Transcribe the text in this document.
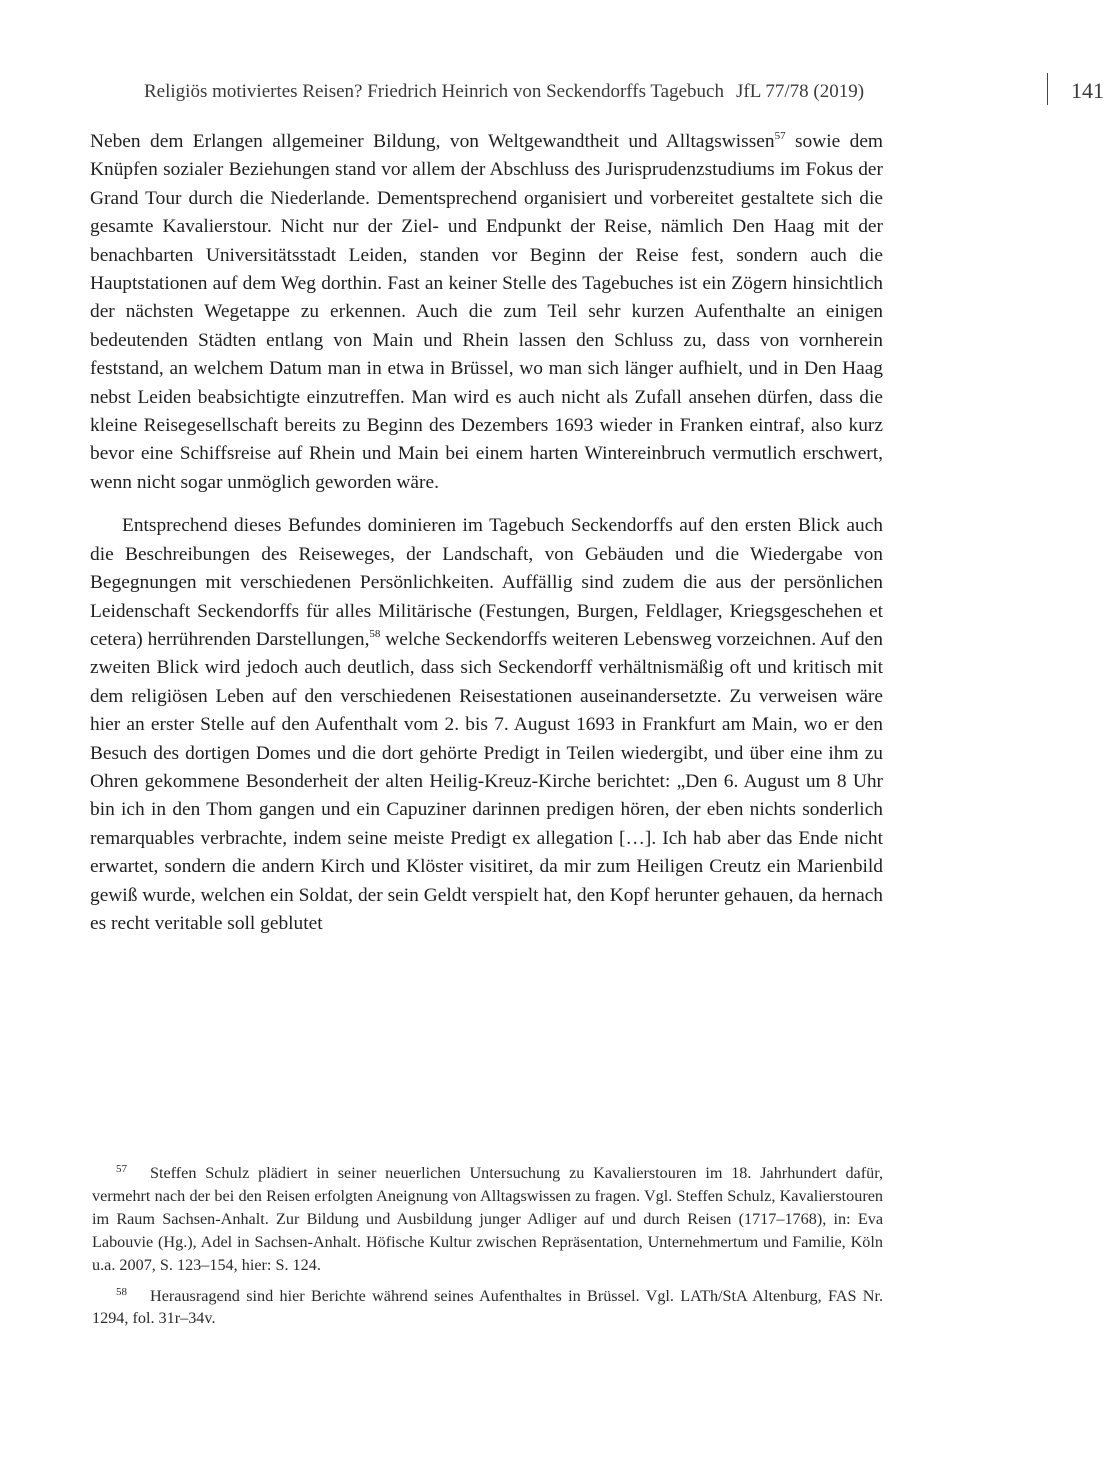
Religiös motiviertes Reisen? Friedrich Heinrich von Seckendorffs Tagebuch JfL 77/78 (2019)	141

Neben dem Erlangen allgemeiner Bildung, von Weltgewandtheit und Alltagswissen$^{57}$ sowie dem Knüpfen sozialer Beziehungen stand vor allem der Abschluss des Jurisprudenzstudiums im Fokus der Grand Tour durch die Niederlande. Dementsprechend organisiert und vorbereitet gestaltete sich die gesamte Kavalierstour. Nicht nur der Ziel- und Endpunkt der Reise, nämlich Den Haag mit der benachbarten Universitätsstadt Leiden, standen vor Beginn der Reise fest, sondern auch die Hauptstationen auf dem Weg dorthin. Fast an keiner Stelle des Tagebuches ist ein Zögern hinsichtlich der nächsten Wegetappe zu erkennen. Auch die zum Teil sehr kurzen Aufenthalte an einigen bedeutenden Städten entlang von Main und Rhein lassen den Schluss zu, dass von vornherein feststand, an welchem Datum man in etwa in Brüssel, wo man sich länger aufhielt, und in Den Haag nebst Leiden beabsichtigte einzutreffen. Man wird es auch nicht als Zufall ansehen dürfen, dass die kleine Reisegesellschaft bereits zu Beginn des Dezembers 1693 wieder in Franken eintraf, also kurz bevor eine Schiffsreise auf Rhein und Main bei einem harten Wintereinbruch vermutlich erschwert, wenn nicht sogar unmöglich geworden wäre.

Entsprechend dieses Befundes dominieren im Tagebuch Seckendorffs auf den ersten Blick auch die Beschreibungen des Reiseweges, der Landschaft, von Gebäuden und die Wiedergabe von Begegnungen mit verschiedenen Persönlichkeiten. Auffällig sind zudem die aus der persönlichen Leidenschaft Seckendorffs für alles Militärische (Festungen, Burgen, Feldlager, Kriegsgeschehen et cetera) herrührenden Darstellungen,$^{58}$ welche Seckendorffs weiteren Lebensweg vorzeichnen. Auf den zweiten Blick wird jedoch auch deutlich, dass sich Seckendorff verhältnismäßig oft und kritisch mit dem religiösen Leben auf den verschiedenen Reisestationen auseinandersetzte. Zu verweisen wäre hier an erster Stelle auf den Aufenthalt vom 2. bis 7. August 1693 in Frankfurt am Main, wo er den Besuch des dortigen Domes und die dort gehörte Predigt in Teilen wiedergibt, und über eine ihm zu Ohren gekommene Besonderheit der alten Heilig-Kreuz-Kirche berichtet: „Den 6. August um 8 Uhr bin ich in den Thom gangen und ein Capuziner darinnen predigen hören, der eben nichts sonderlich remarquables verbrachte, indem seine meiste Predigt ex allegation […]. Ich hab aber das Ende nicht erwartet, sondern die andern Kirch und Klöster visitiret, da mir zum Heiligen Creutz ein Marienbild gewiß wurde, welchen ein Soldat, der sein Geldt verspielt hat, den Kopf herunter gehauen, da hernach es recht veritable soll geblutet

57 Steffen Schulz plädiert in seiner neuerlichen Untersuchung zu Kavalierstouren im 18. Jahrhundert dafür, vermehrt nach der bei den Reisen erfolgten Aneignung von Alltagswissen zu fragen. Vgl. Steffen Schulz, Kavalierstouren im Raum Sachsen-Anhalt. Zur Bildung und Ausbildung junger Adliger auf und durch Reisen (1717–1768), in: Eva Labouvie (Hg.), Adel in Sachsen-Anhalt. Höfische Kultur zwischen Repräsentation, Unternehmertum und Familie, Köln u.a. 2007, S. 123–154, hier: S. 124.

58 Herausragend sind hier Berichte während seines Aufenthaltes in Brüssel. Vgl. LATh/StA Altenburg, FAS Nr. 1294, fol. 31r–34v.
